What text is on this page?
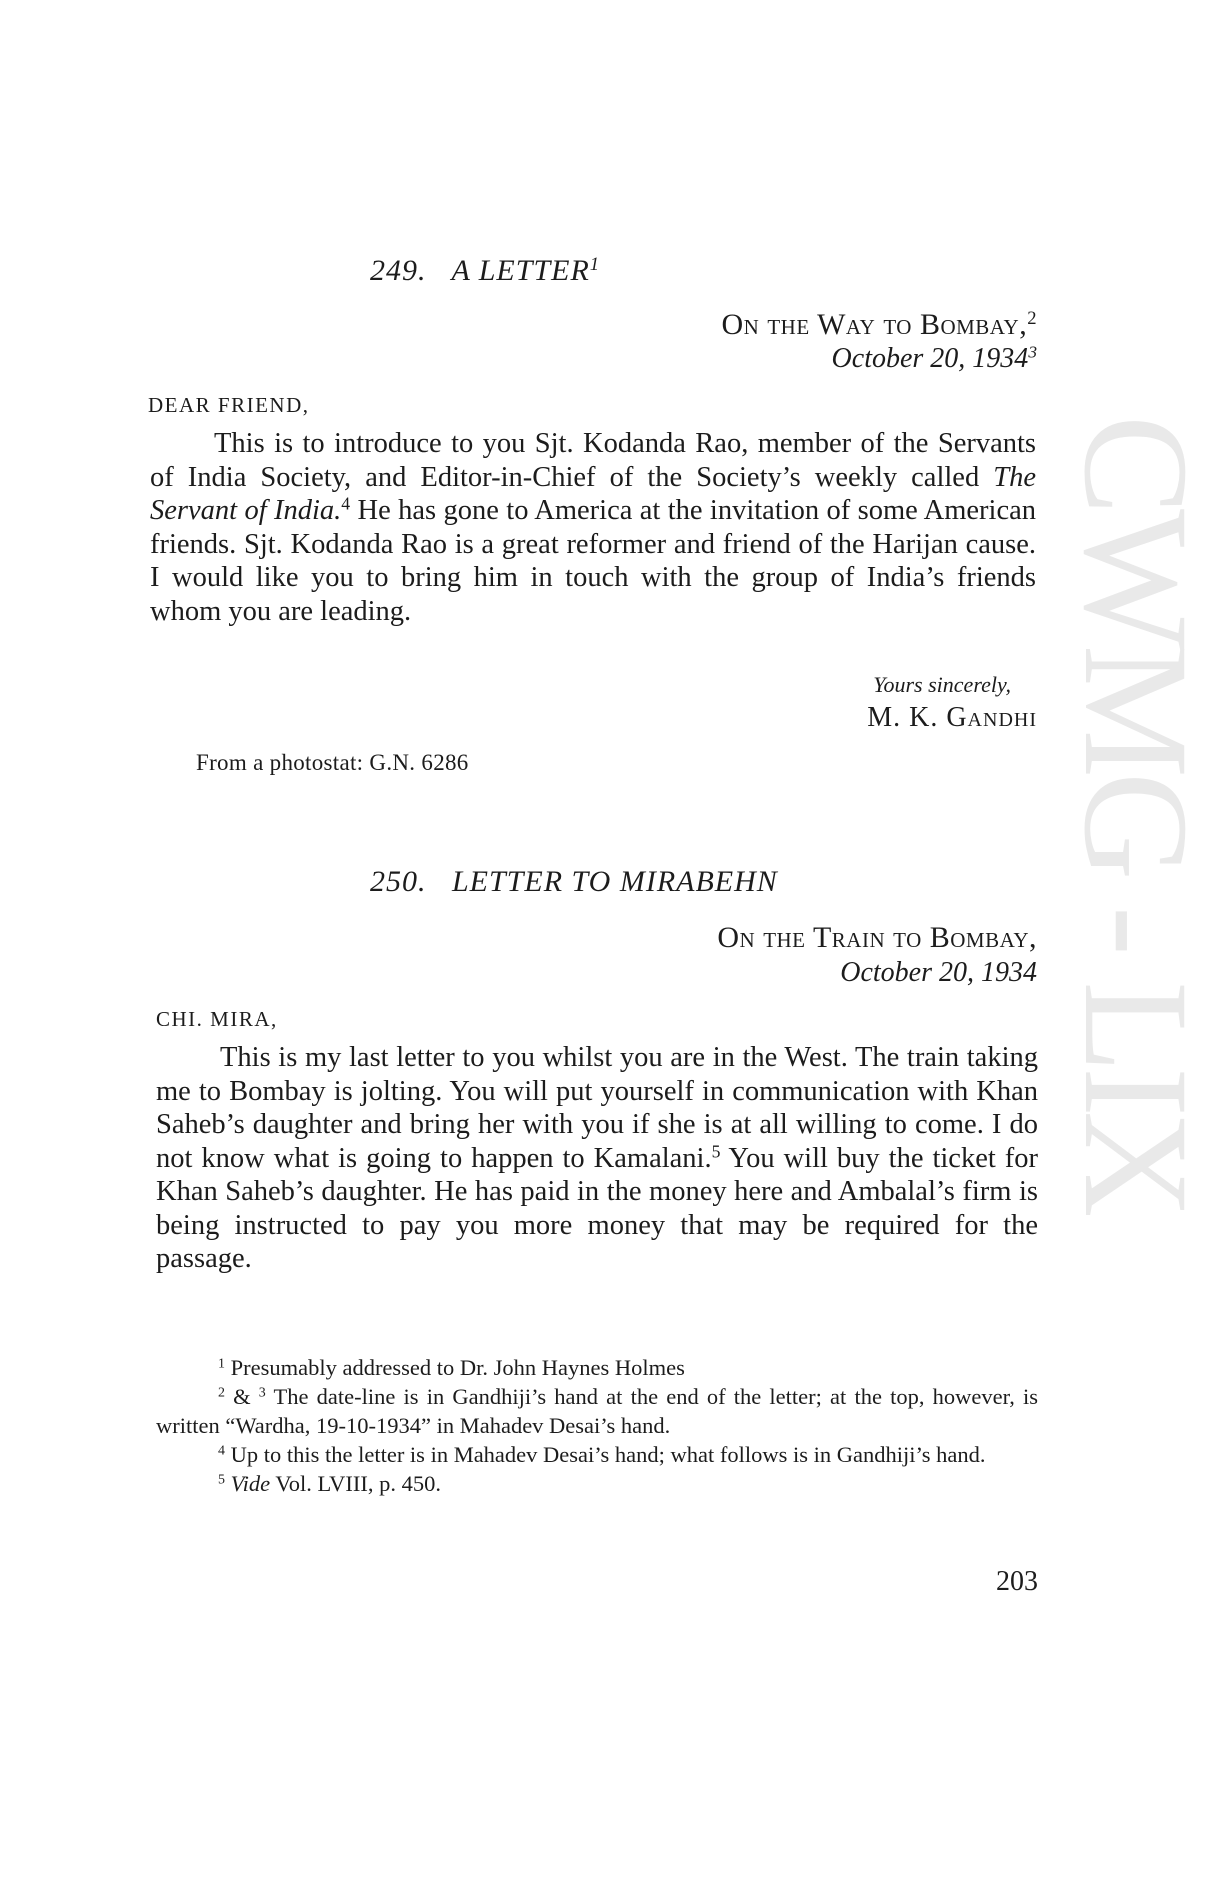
CWMG - LIX
249. A LETTER$^1$
On the Way to Bombay,$^2$
October 20, 1934$^3$
DEAR FRIEND,

This is to introduce to you Sjt. Kodanda Rao, member of the Servants of India Society, and Editor-in-Chief of the Society’s weekly called The Servant of India.$^4$ He has gone to America at the invitation of some American friends. Sjt. Kodanda Rao is a great reformer and friend of the Harijan cause. I would like you to bring him in touch with the group of India’s friends whom you are leading.

Yours sincerely,
M. K. Gandhi
From a photostat: G.N. 6286
250. LETTER TO MIRABEHN
On the Train to Bombay,
October 20, 1934
CHI. MIRA,

This is my last letter to you whilst you are in the West. The train taking me to Bombay is jolting. You will put yourself in communication with Khan Saheb’s daughter and bring her with you if she is at all willing to come. I do not know what is going to happen to Kamalani.$^5$ You will buy the ticket for Khan Saheb’s daughter. He has paid in the money here and Ambalal’s firm is being instructed to pay you more money that may be required for the passage.

$^1$ Presumably addressed to Dr. John Haynes Holmes

$^2$ & $^3$ The date-line is in Gandhiji’s hand at the end of the letter; at the top, however, is written “Wardha, 19-10-1934” in Mahadev Desai’s hand.

$^4$ Up to this the letter is in Mahadev Desai’s hand; what follows is in Gandhiji’s hand.

$^5$ Vide Vol. LVIII, p. 450.

203
